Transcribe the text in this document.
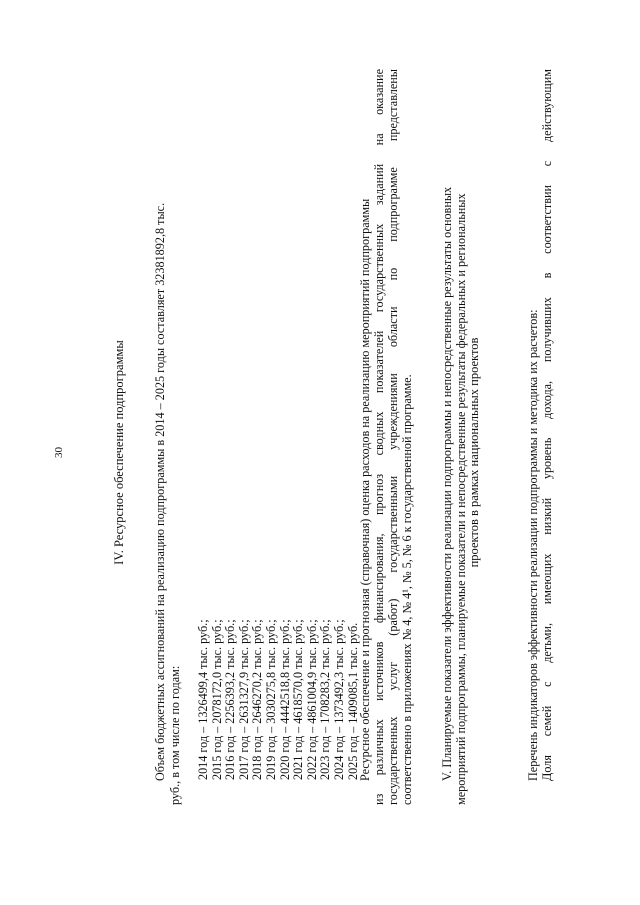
30	IV. Ресурсное обеспечение подпрограммы Объем бюджетных ассигнований на реализацию подпрограммы в 2014 – 2025 годы составляет 32381892,8 тыс. руб., в том числе по годам: 2014 год – 1326499,4 тыс. руб.; 2015 год – 2078172,0 тыс. руб.; 2016 год – 2256393,2 тыс. руб.; 2017 год – 2631327,9 тыс. руб.; 2018 год – 2646270,2 тыс. руб.; 2019 год – 3030275,8 тыс. руб.; 2020 год – 4442518,8 тыс. руб.; 2021 год – 4618570,0 тыс. руб.; 2022 год – 4861004,9 тыс. руб.; 2023 год – 1708283,2 тыс. руб.; 2024 год – 1373492,3 тыс. руб.; 2025 год – 1409085,1 тыс. руб.
Ресурсное обеспечение и прогнозная (справочная) оценка расходов на реализацию мероприятий подпрограммы из различных источников финансирования, прогноз сводных показателей государственных заданий на оказание государственных услуг (работ) государственными учреждениями области по подпрограмме представлены соответственно в приложениях № 4, № 4¹, № 5, № 6 к государственной программе. V. Планируемые показатели эффективности реализации подпрограммы и непосредственные результаты основных мероприятий подпрограммы, планируемые показатели и непосредственные результаты федеральных и региональных проектов в рамках национальных проектов	Перечень индикаторов эффективности реализации подпрограммы и методика их расчетов: Доля семей с детьми, имеющих низкий уровень дохода, получивших в соответствии с действующим
